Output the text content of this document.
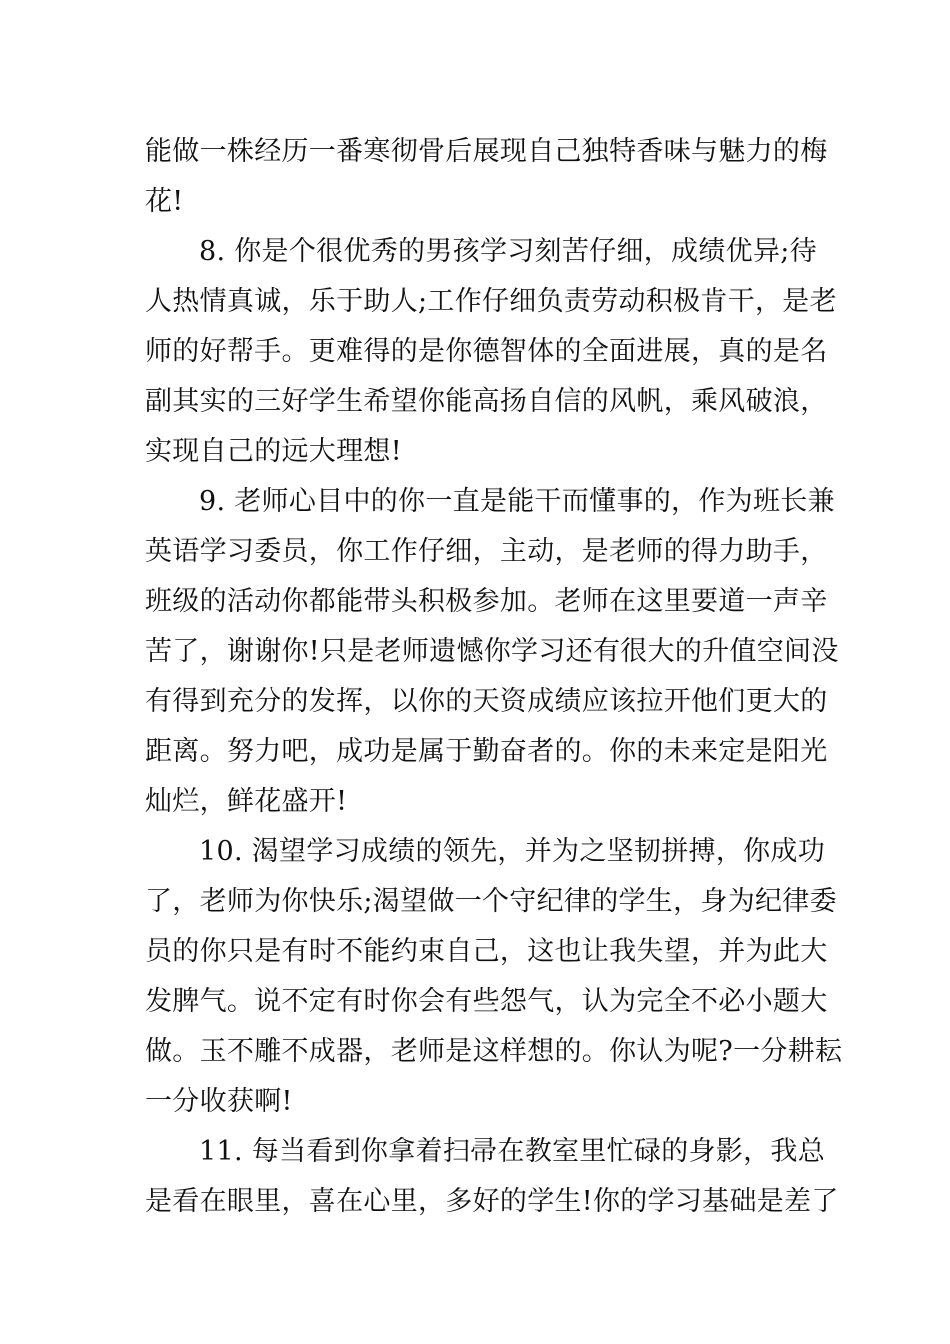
能做一株经历一番寒彻骨后展现自己独特香味与魅力的梅
花!
8. 你是个很优秀的男孩学习刻苦仔细，成绩优异;待
人热情真诚，乐于助人;工作仔细负责劳动积极肯干，是老
师的好帮手。更难得的是你德智体的全面进展，真的是名
副其实的三好学生希望你能高扬自信的风帆，乘风破浪，
实现自己的远大理想!
9. 老师心目中的你一直是能干而懂事的，作为班长兼
英语学习委员，你工作仔细，主动，是老师的得力助手，
班级的活动你都能带头积极参加。老师在这里要道一声辛
苦了，谢谢你!只是老师遗憾你学习还有很大的升值空间没
有得到充分的发挥，以你的天资成绩应该拉开他们更大的
距离。努力吧，成功是属于勤奋者的。你的未来定是阳光
灿烂，鲜花盛开!
10. 渴望学习成绩的领先，并为之坚韧拼搏，你成功
了，老师为你快乐;渴望做一个守纪律的学生，身为纪律委
员的你只是有时不能约束自己，这也让我失望，并为此大
发脾气。说不定有时你会有些怨气，认为完全不必小题大
做。玉不雕不成器，老师是这样想的。你认为呢?一分耕耘
一分收获啊!
11. 每当看到你拿着扫帚在教室里忙碌的身影，我总
是看在眼里，喜在心里，多好的学生!你的学习基础是差了
